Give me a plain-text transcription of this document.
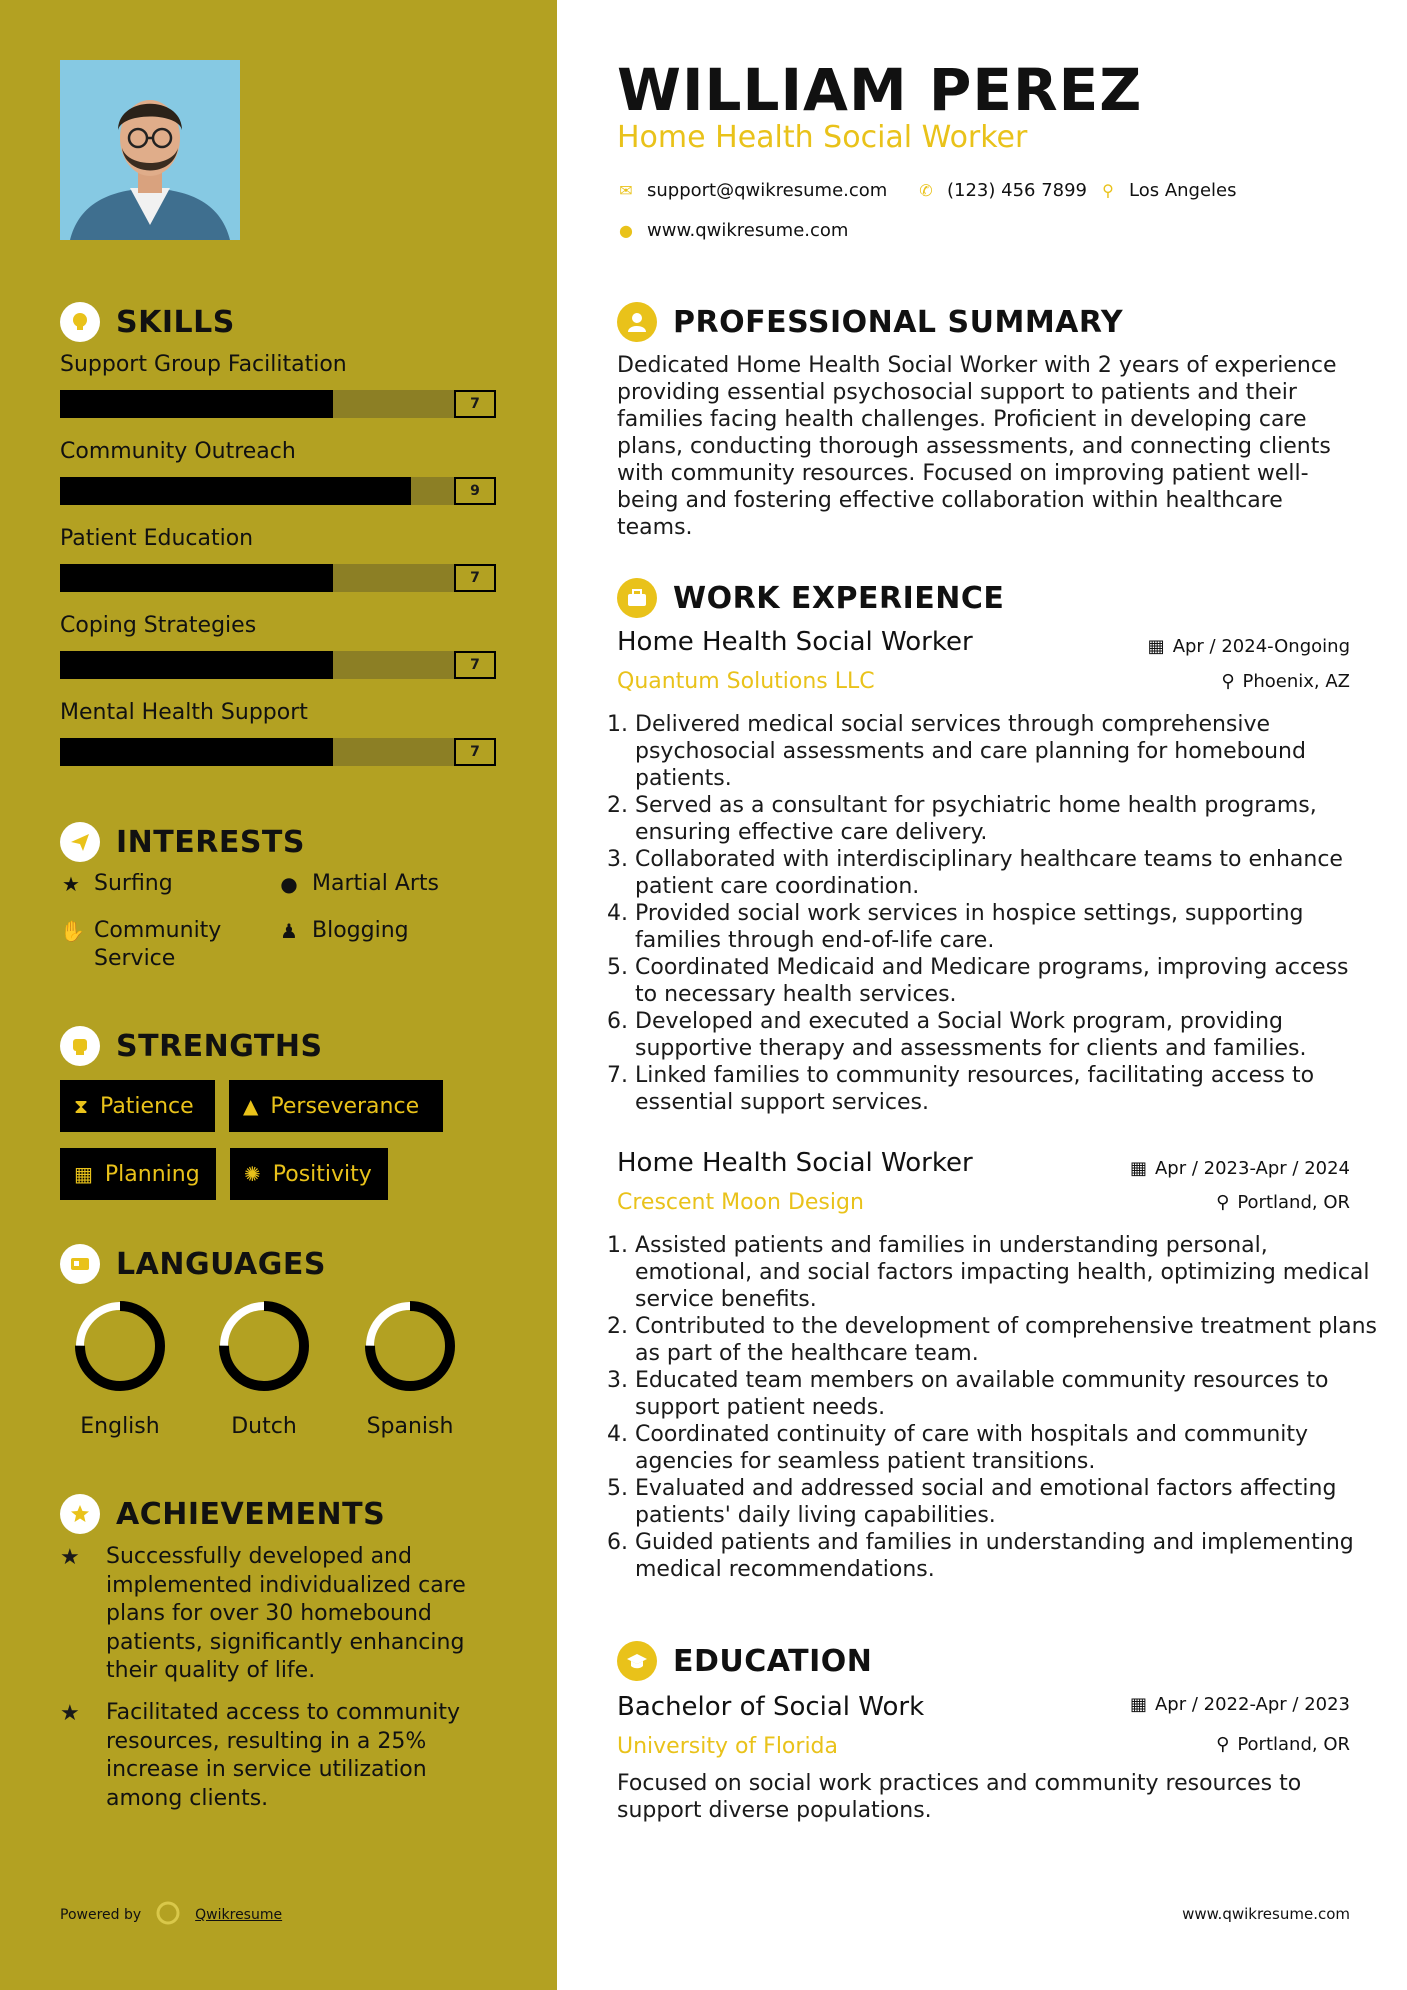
SKILLS
Support Group Facilitation
7
Community Outreach
9
Patient Education
7
Coping Strategies
7
Mental Health Support
7
INTERESTS
★ Surfing	● Martial Arts
✋ Community Service
♟ Blogging
STRENGTHS
⧗ Patience ▲ Perseverance
▦ Planning ✺ Positivity
LANGUAGES
English	Dutch	Spanish
ACHIEVEMENTS
★	Successfully developed and implemented individualized care plans for over 30 homebound patients, significantly enhancing their quality of life.
★	Facilitated access to community resources, resulting in a 25% increase in service utilization among clients.
Powered by	Qwikresume
WILLIAM PEREZ
Home Health Social Worker
✉ support@qwikresume.com ✆ (123) 456 7899 ⚲ Los Angeles
● www.qwikresume.com
PROFESSIONAL SUMMARY
Dedicated Home Health Social Worker with 2 years of experience providing essential psychosocial support to patients and their families facing health challenges. Proficient in developing care plans, conducting thorough assessments, and connecting clients with community resources. Focused on improving patient well-being and fostering effective collaboration within healthcare teams.
WORK EXPERIENCE
Home Health Social Worker	▦ Apr / 2024-Ongoing
Quantum Solutions LLC	⚲ Phoenix, AZ
1. Delivered medical social services through comprehensive psychosocial assessments and care planning for homebound patients.
2. Served as a consultant for psychiatric home health programs, ensuring effective care delivery.
3. Collaborated with interdisciplinary healthcare teams to enhance patient care coordination.
4. Provided social work services in hospice settings, supporting families through end-of-life care.
5. Coordinated Medicaid and Medicare programs, improving access to necessary health services.
6. Developed and executed a Social Work program, providing supportive therapy and assessments for clients and families.
7. Linked families to community resources, facilitating access to essential support services.
Home Health Social Worker	▦ Apr / 2023-Apr / 2024
Crescent Moon Design	⚲ Portland, OR
1. Assisted patients and families in understanding personal, emotional, and social factors impacting health, optimizing medical service benefits.
2. Contributed to the development of comprehensive treatment plans as part of the healthcare team.
3. Educated team members on available community resources to support patient needs.
4. Coordinated continuity of care with hospitals and community agencies for seamless patient transitions.
5. Evaluated and addressed social and emotional factors affecting patients' daily living capabilities.
6. Guided patients and families in understanding and implementing medical recommendations.
EDUCATION
Bachelor of Social Work	▦ Apr / 2022-Apr / 2023
University of Florida	⚲ Portland, OR
Focused on social work practices and community resources to support diverse populations.
www.qwikresume.com
